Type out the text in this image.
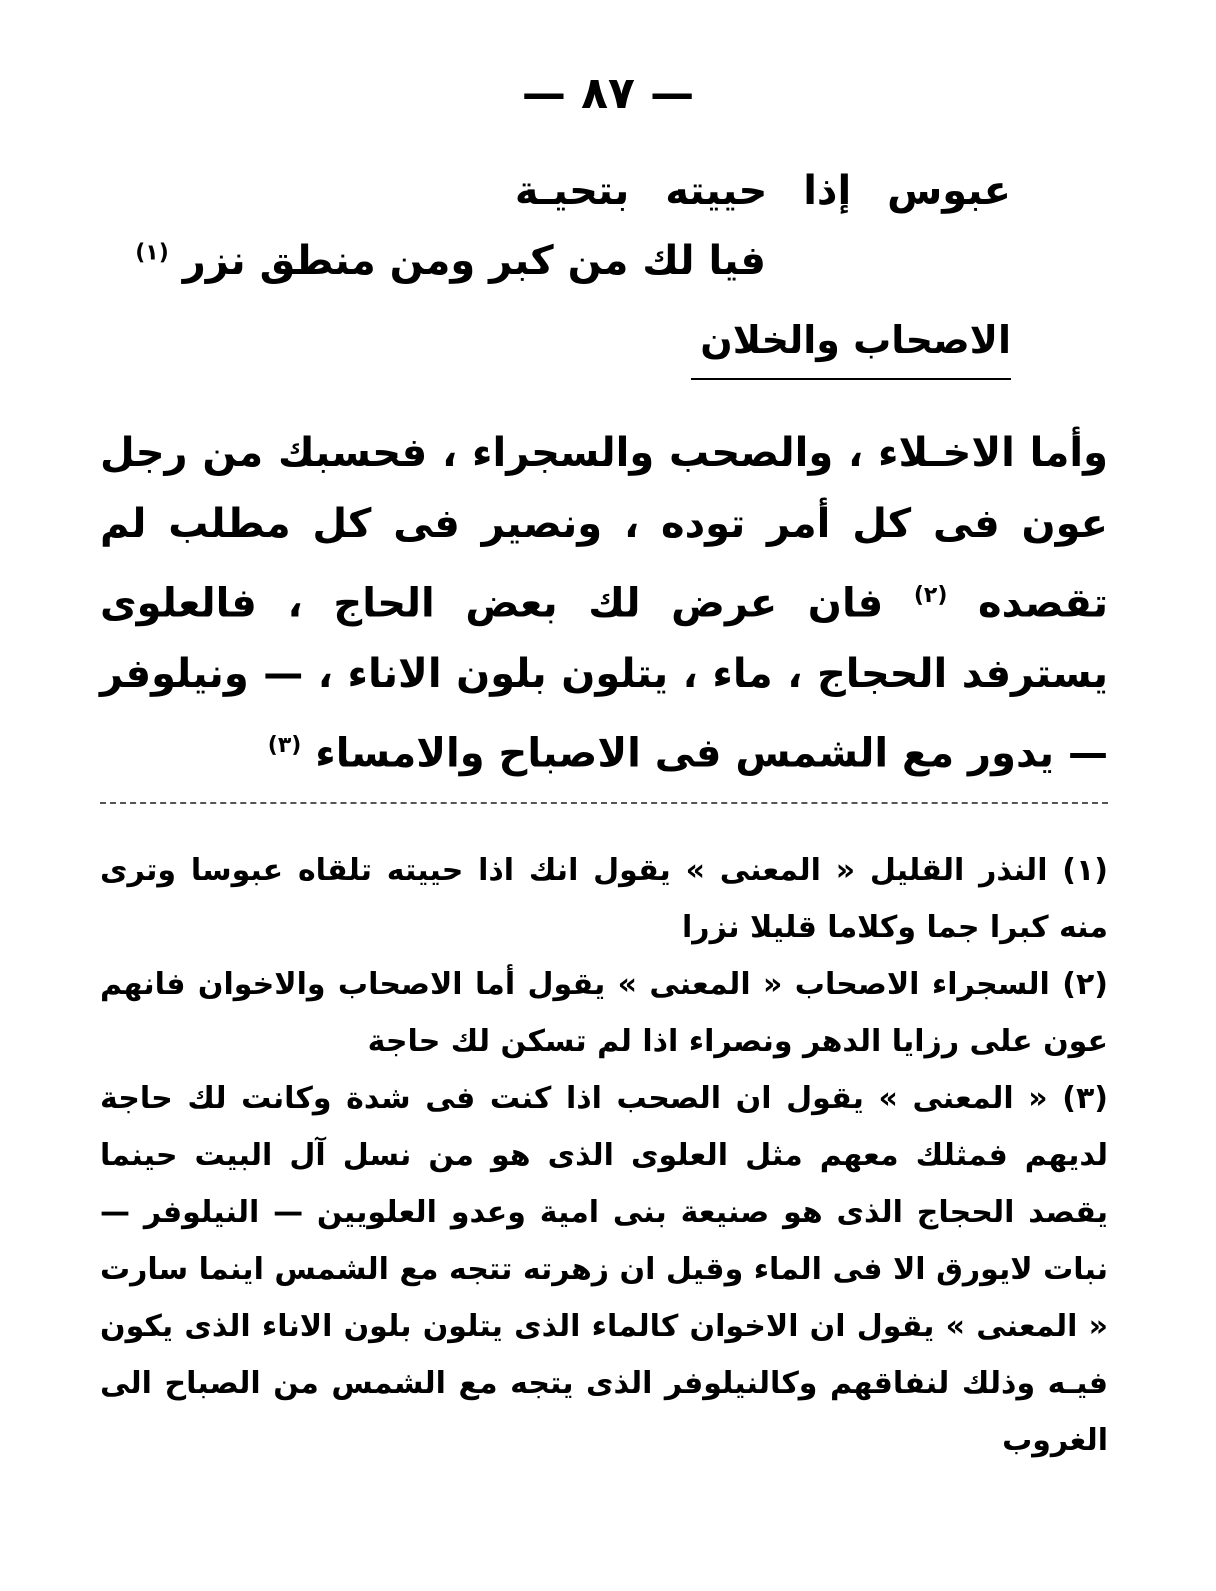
— ٨٧ —
عبوس إذا حييته بتحيـة
فيا لك من كبر ومن منطق نزر $^{(١)}$
الاصحاب والخلان
وأما الاخـلاء ، والصحب والسجراء ، فحسبك من رجل عون فى كل أمر توده ، ونصير فى كل مطلب لم تقصده $^{(٢)}$ فان عرض لك بعض الحاج ، فالعلوى يسترفد الحجاج ، ماء ، يتلون بلون الاناء ، — ونيلوفر — يدور مع الشمس فى الاصباح والامساء $^{(٣)}$

(١) النذر القليل « المعنى » يقول انك اذا حييته تلقاه عبوسا وترى منه كبرا جما وكلاما قليلا نزرا

(٢) السجراء الاصحاب « المعنى » يقول أما الاصحاب والاخوان فانهم عون على رزايا الدهر ونصراء اذا لم تسكن لك حاجة

(٣) « المعنى » يقول ان الصحب اذا كنت فى شدة وكانت لك حاجة لديهم فمثلك معهم مثل العلوى الذى هو من نسل آل البيت حينما يقصد الحجاج الذى هو صنيعة بنى امية وعدو العلويين — النيلوفر — نبات لايورق الا فى الماء وقيل ان زهرته تتجه مع الشمس اينما سارت « المعنى » يقول ان الاخوان كالماء الذى يتلون بلون الاناء الذى يكون فيـه وذلك لنفاقهم وكالنيلوفر الذى يتجه مع الشمس من الصباح الى الغروب
